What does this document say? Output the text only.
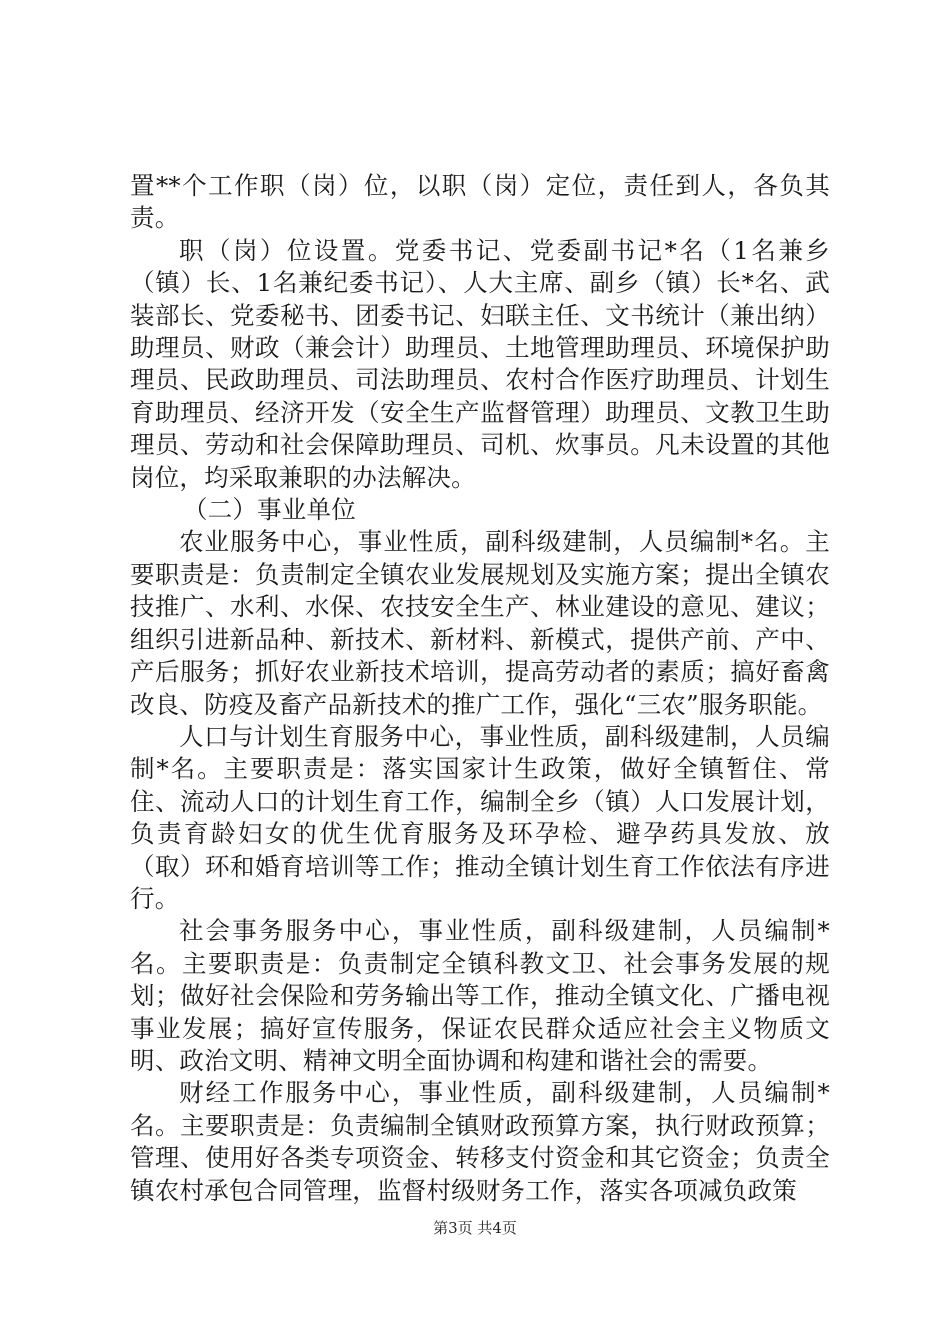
置**个工作职（岗）位，以职（岗）定位，责任到人，各负其责。

职（岗）位设置。党委书记、党委副书记*名（1名兼乡（镇）长、1名兼纪委书记）、人大主席、副乡（镇）长*名、武装部长、党委秘书、团委书记、妇联主任、文书统计（兼出纳）助理员、财政（兼会计）助理员、土地管理助理员、环境保护助理员、民政助理员、司法助理员、农村合作医疗助理员、计划生育助理员、经济开发（安全生产监督管理）助理员、文教卫生助理员、劳动和社会保障助理员、司机、炊事员。凡未设置的其他岗位，均采取兼职的办法解决。

（二）事业单位

农业服务中心，事业性质，副科级建制，人员编制*名。主要职责是：负责制定全镇农业发展规划及实施方案；提出全镇农技推广、水利、水保、农技安全生产、林业建设的意见、建议；组织引进新品种、新技术、新材料、新模式，提供产前、产中、产后服务；抓好农业新技术培训，提高劳动者的素质；搞好畜禽改良、防疫及畜产品新技术的推广工作，强化“三农”服务职能。

人口与计划生育服务中心，事业性质，副科级建制，人员编制*名。主要职责是：落实国家计生政策，做好全镇暂住、常住、流动人口的计划生育工作，编制全乡（镇）人口发展计划，负责育龄妇女的优生优育服务及环孕检、避孕药具发放、放（取）环和婚育培训等工作；推动全镇计划生育工作依法有序进行。

社会事务服务中心，事业性质，副科级建制，人员编制*名。主要职责是：负责制定全镇科教文卫、社会事务发展的规划；做好社会保险和劳务输出等工作，推动全镇文化、广播电视事业发展；搞好宣传服务，保证农民群众适应社会主义物质文明、政治文明、精神文明全面协调和构建和谐社会的需要。

财经工作服务中心，事业性质，副科级建制，人员编制*名。主要职责是：负责编制全镇财政预算方案，执行财政预算；管理、使用好各类专项资金、转移支付资金和其它资金；负责全镇农村承包合同管理，监督村级财务工作，落实各项减负政策

第3页 共4页
